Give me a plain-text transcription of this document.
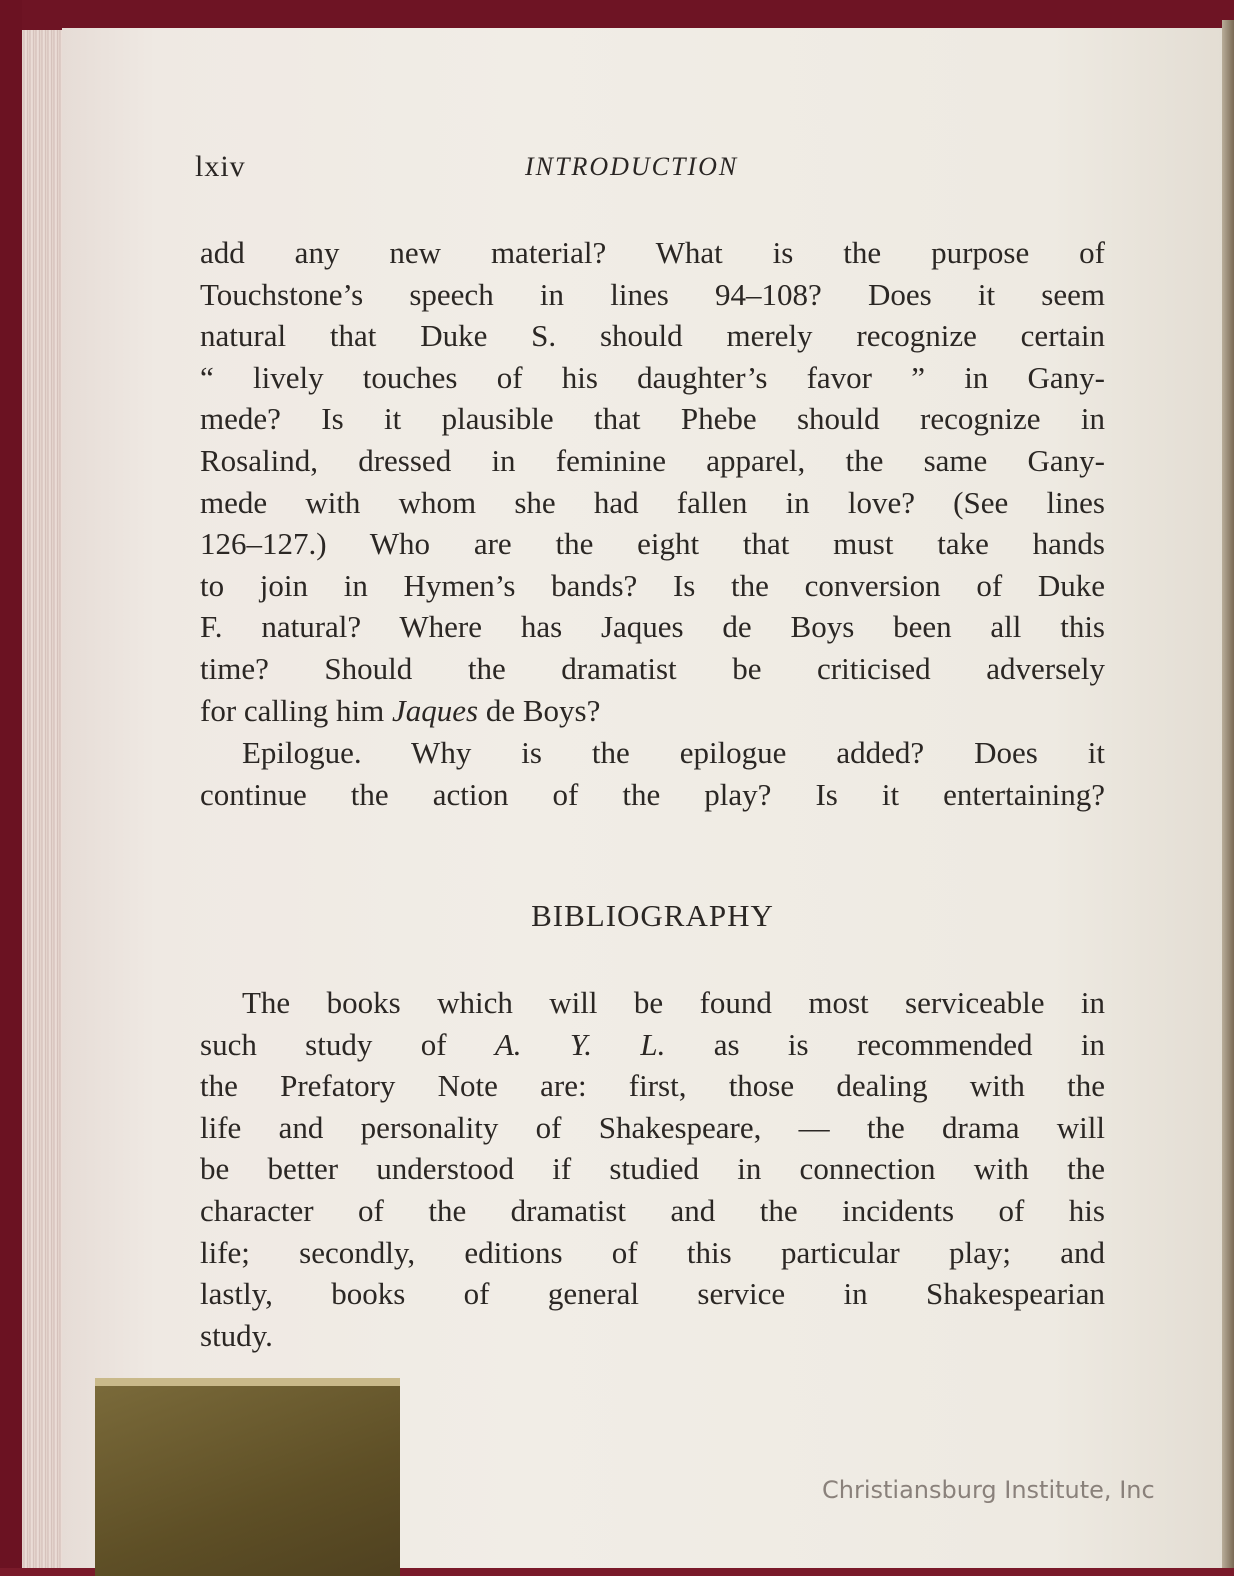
lxiv	INTRODUCTION
add any new material? What is the purpose of
Touchstone’s speech in lines 94–108? Does it seem
natural that Duke S. should merely recognize certain
“ lively touches of his daughter’s favor ” in Gany-
mede? Is it plausible that Phebe should recognize in
Rosalind, dressed in feminine apparel, the same Gany-
mede with whom she had fallen in love? (See lines
126–127.) Who are the eight that must take hands
to join in Hymen’s bands? Is the conversion of Duke
F. natural? Where has Jaques de Boys been all this
time? Should the dramatist be criticised adversely
for calling him Jaques de Boys?
Epilogue. Why is the epilogue added? Does it
continue the action of the play? Is it entertaining?
BIBLIOGRAPHY
The books which will be found most serviceable in
such study of A. Y. L. as is recommended in
the Prefatory Note are: first, those dealing with the
life and personality of Shakespeare, — the drama will
be better understood if studied in connection with the
character of the dramatist and the incidents of his
life; secondly, editions of this particular play; and
lastly, books of general service in Shakespearian
study.
Christiansburg Institute, Inc
